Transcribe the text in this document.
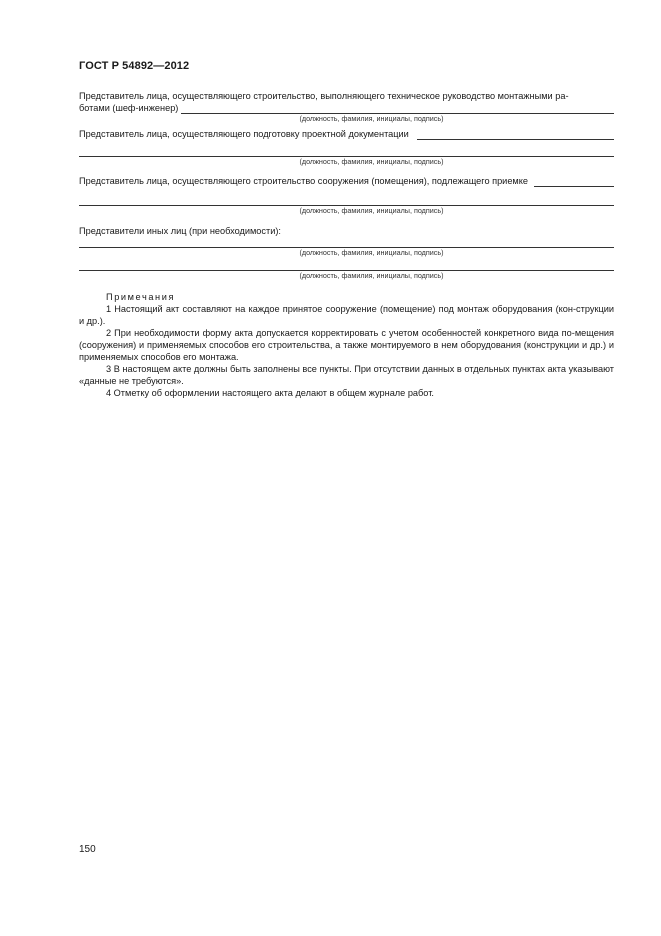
ГОСТ Р 54892—2012
Представитель лица, осуществляющего строительство, выполняющего техническое руководство монтажными ра-
ботами (шеф-инженер)
(должность, фамилия, инициалы, подпись)
Представитель лица, осуществляющего подготовку проектной документации
(должность, фамилия, инициалы, подпись)
Представитель лица, осуществляющего строительство сооружения (помещения), подлежащего приемке
(должность, фамилия, инициалы, подпись)
Представители иных лиц (при необходимости):
(должность, фамилия, инициалы, подпись)
(должность, фамилия, инициалы, подпись)
Примечания
1 Настоящий акт составляют на каждое принятое сооружение (помещение) под монтаж оборудования (кон-струкции и др.).
2 При необходимости форму акта допускается корректировать с учетом особенностей конкретного вида по-мещения (сооружения) и применяемых способов его строительства, а также монтируемого в нем оборудования (конструкции и др.) и применяемых способов его монтажа.
3 В настоящем акте должны быть заполнены все пункты. При отсутствии данных в отдельных пунктах акта указывают «данные не требуются».
4 Отметку об оформлении настоящего акта делают в общем журнале работ.
150
